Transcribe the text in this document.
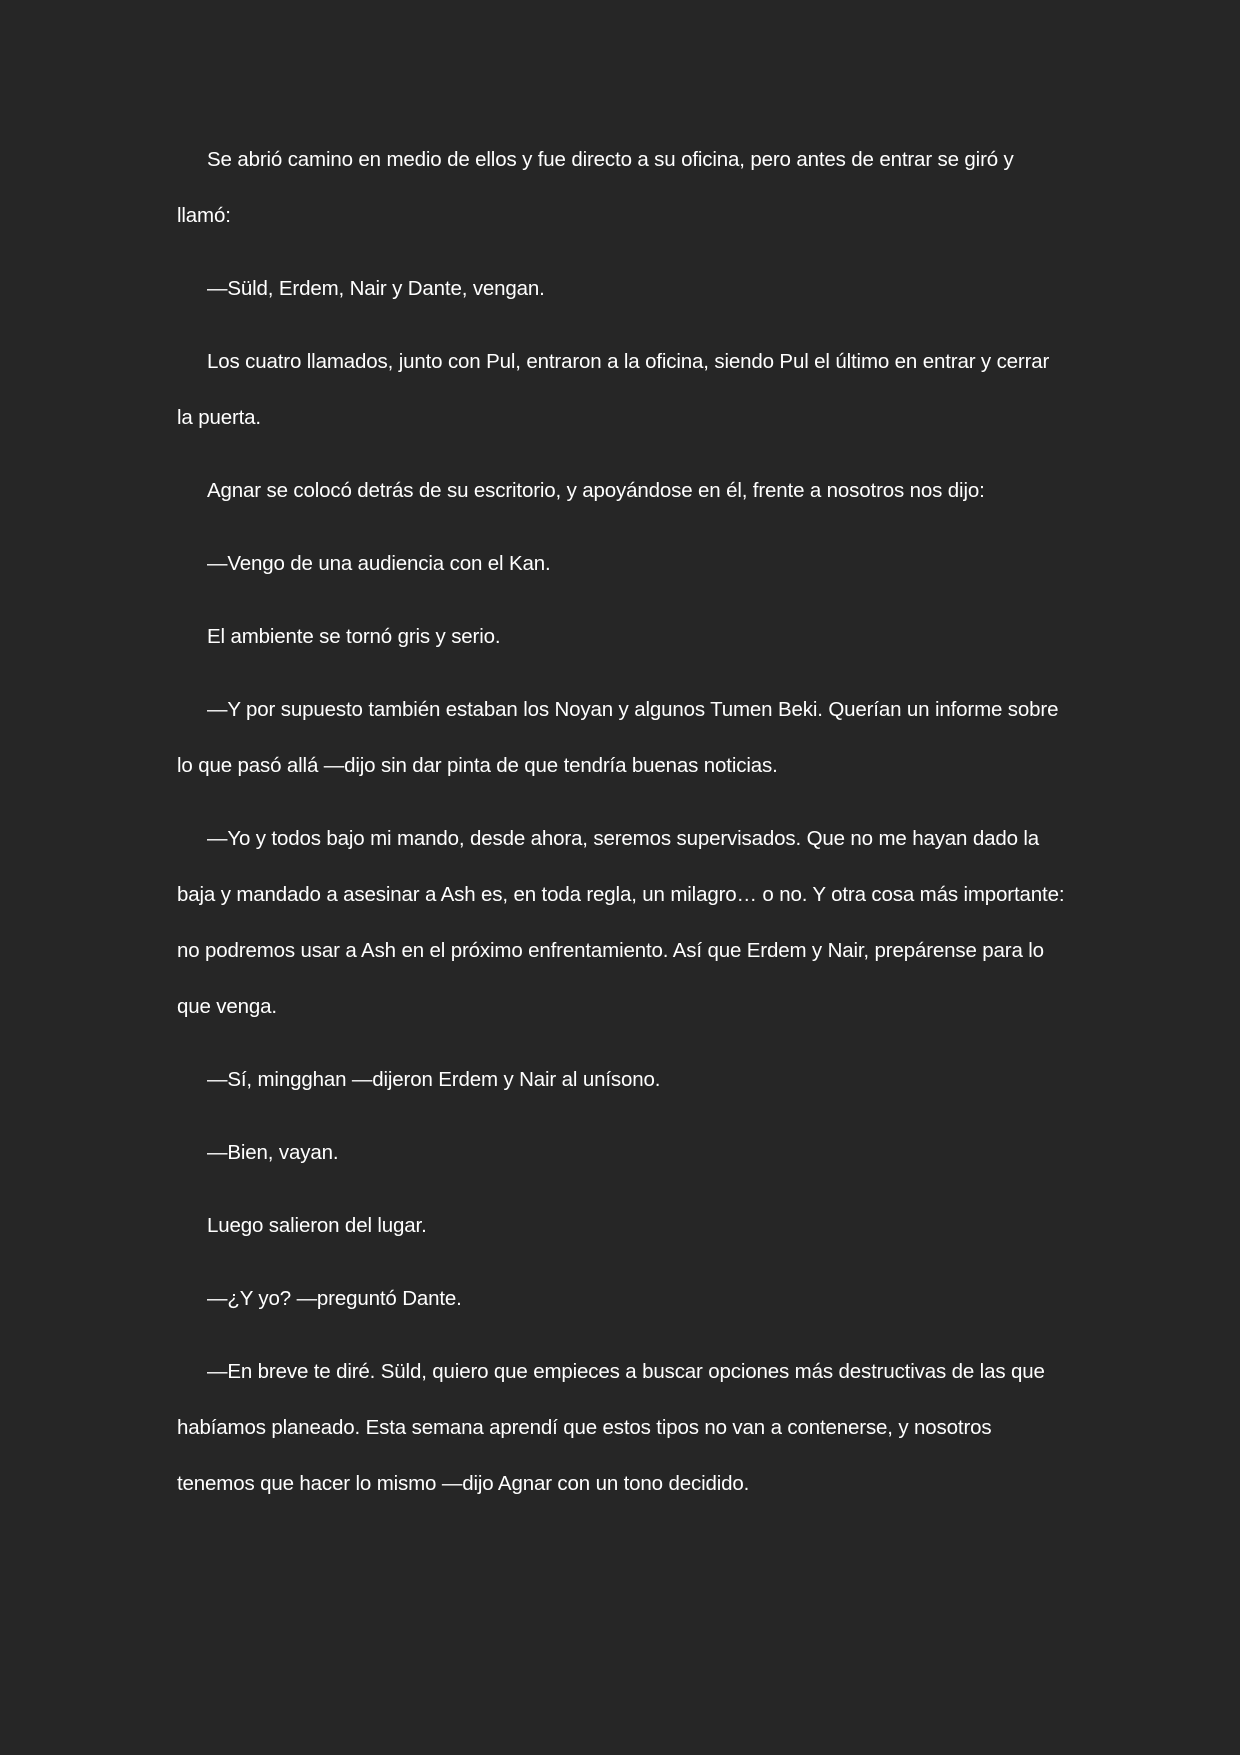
Se abrió camino en medio de ellos y fue directo a su oficina, pero antes de entrar se giró y llamó:

—Süld, Erdem, Nair y Dante, vengan.

Los cuatro llamados, junto con Pul, entraron a la oficina, siendo Pul el último en entrar y cerrar la puerta.

Agnar se colocó detrás de su escritorio, y apoyándose en él, frente a nosotros nos dijo:

—Vengo de una audiencia con el Kan.

El ambiente se tornó gris y serio.

—Y por supuesto también estaban los Noyan y algunos Tumen Beki. Querían un informe sobre lo que pasó allá —dijo sin dar pinta de que tendría buenas noticias.

—Yo y todos bajo mi mando, desde ahora, seremos supervisados. Que no me hayan dado la baja y mandado a asesinar a Ash es, en toda regla, un milagro… o no. Y otra cosa más importante: no podremos usar a Ash en el próximo enfrentamiento. Así que Erdem y Nair, prepárense para lo que venga.

—Sí, mingghan —dijeron Erdem y Nair al unísono.

—Bien, vayan.

Luego salieron del lugar.

—¿Y yo? —preguntó Dante.

—En breve te diré. Süld, quiero que empieces a buscar opciones más destructivas de las que habíamos planeado. Esta semana aprendí que estos tipos no van a contenerse, y nosotros tenemos que hacer lo mismo —dijo Agnar con un tono decidido.
